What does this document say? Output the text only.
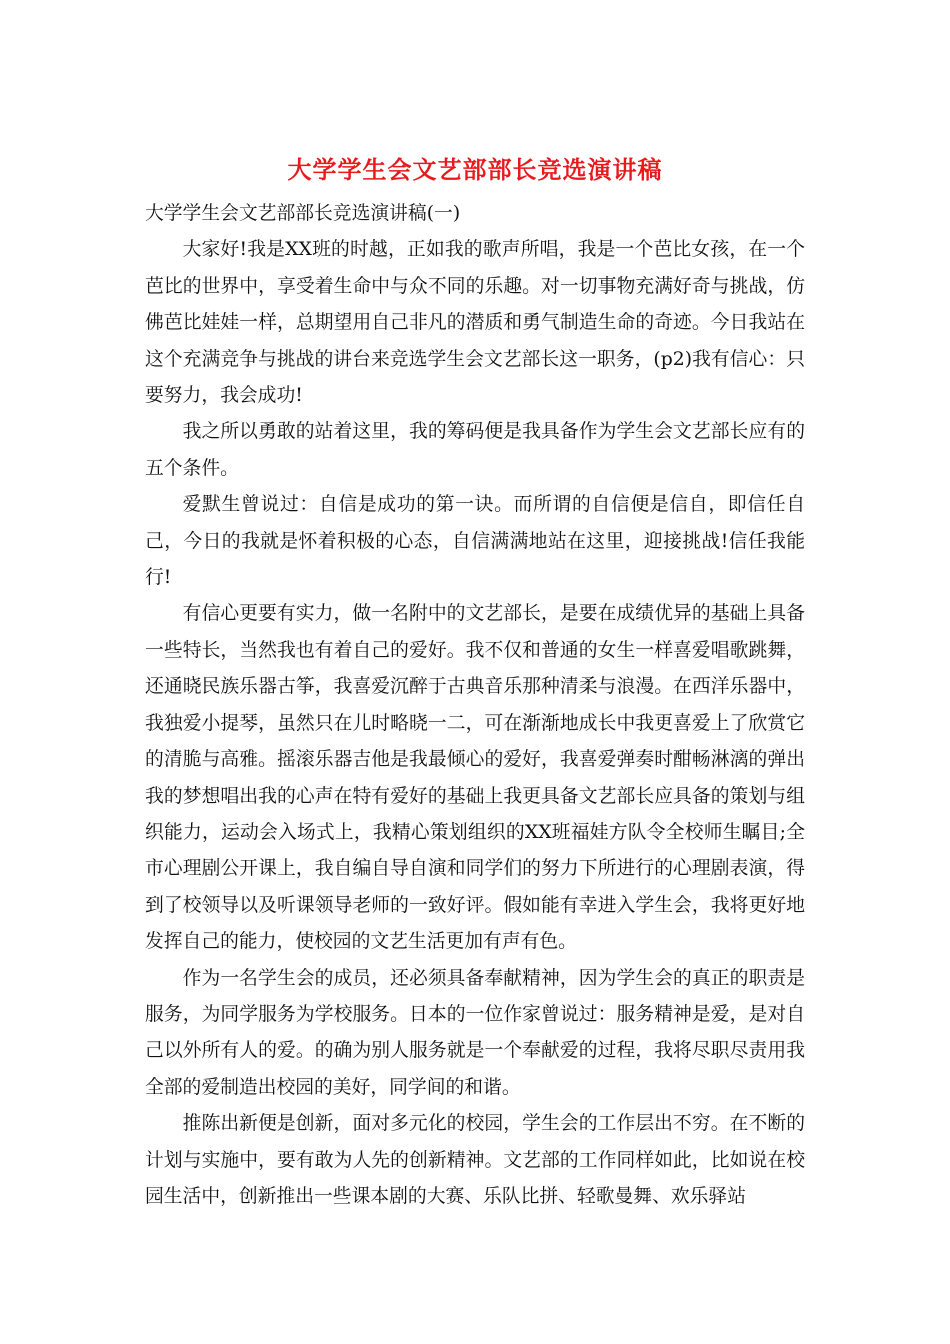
大学学生会文艺部部长竞选演讲稿

大学学生会文艺部部长竞选演讲稿(一)

大家好!我是XX班的时越，正如我的歌声所唱，我是一个芭比女孩，在一个芭比的世界中，享受着生命中与众不同的乐趣。对一切事物充满好奇与挑战，仿佛芭比娃娃一样，总期望用自己非凡的潜质和勇气制造生命的奇迹。今日我站在这个充满竞争与挑战的讲台来竞选学生会文艺部长这一职务，(p2)我有信心：只要努力，我会成功!

我之所以勇敢的站着这里，我的筹码便是我具备作为学生会文艺部长应有的五个条件。

爱默生曾说过：自信是成功的第一诀。而所谓的自信便是信自，即信任自己，今日的我就是怀着积极的心态，自信满满地站在这里，迎接挑战!信任我能行!

有信心更要有实力，做一名附中的文艺部长，是要在成绩优异的基础上具备一些特长，当然我也有着自己的爱好。我不仅和普通的女生一样喜爱唱歌跳舞，还通晓民族乐器古筝，我喜爱沉醉于古典音乐那种清柔与浪漫。在西洋乐器中，我独爱小提琴，虽然只在儿时略晓一二，可在渐渐地成长中我更喜爱上了欣赏它的清脆与高雅。摇滚乐器吉他是我最倾心的爱好，我喜爱弹奏时酣畅淋漓的弹出我的梦想唱出我的心声在特有爱好的基础上我更具备文艺部长应具备的策划与组织能力，运动会入场式上，我精心策划组织的XX班福娃方队令全校师生瞩目;全市心理剧公开课上，我自编自导自演和同学们的努力下所进行的心理剧表演，得到了校领导以及听课领导老师的一致好评。假如能有幸进入学生会，我将更好地发挥自己的能力，使校园的文艺生活更加有声有色。

作为一名学生会的成员，还必须具备奉献精神，因为学生会的真正的职责是服务，为同学服务为学校服务。日本的一位作家曾说过：服务精神是爱，是对自己以外所有人的爱。的确为别人服务就是一个奉献爱的过程，我将尽职尽责用我全部的爱制造出校园的美好，同学间的和谐。

推陈出新便是创新，面对多元化的校园，学生会的工作层出不穷。在不断的计划与实施中，要有敢为人先的创新精神。文艺部的工作同样如此，比如说在校园生活中，创新推出一些课本剧的大赛、乐队比拼、轻歌曼舞、欢乐驿站
